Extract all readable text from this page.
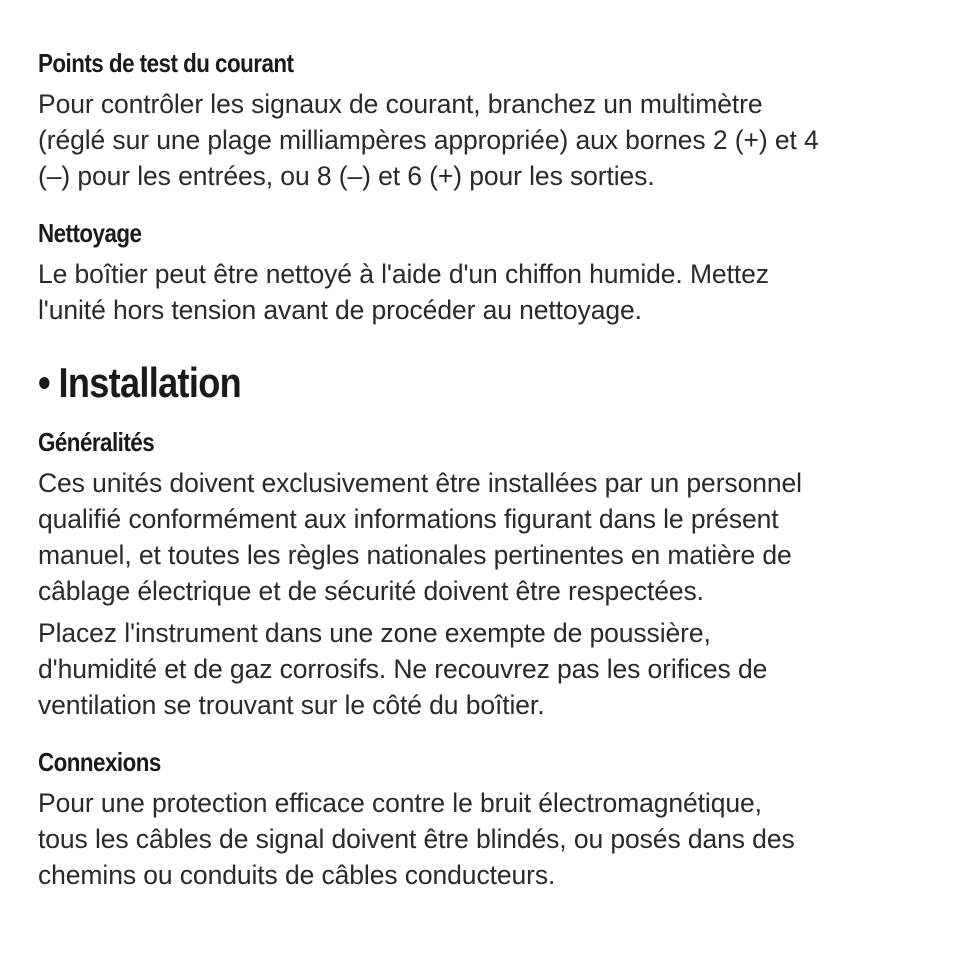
Points de test du courant

Pour contrôler les signaux de courant, branchez un multimètre
(réglé sur une plage milliampères appropriée) aux bornes 2 (+) et 4
(–) pour les entrées, ou 8 (–) et 6 (+) pour les sorties.

Nettoyage

Le boîtier peut être nettoyé à l'aide d'un chiffon humide. Mettez
l'unité hors tension avant de procéder au nettoyage.

• Installation
Généralités

Ces unités doivent exclusivement être installées par un personnel
qualifié conformément aux informations figurant dans le présent
manuel, et toutes les règles nationales pertinentes en matière de
câblage électrique et de sécurité doivent être respectées.

Placez l'instrument dans une zone exempte de poussière,
d'humidité et de gaz corrosifs. Ne recouvrez pas les orifices de
ventilation se trouvant sur le côté du boîtier.

Connexions

Pour une protection efficace contre le bruit électromagnétique,
tous les câbles de signal doivent être blindés, ou posés dans des
chemins ou conduits de câbles conducteurs.
